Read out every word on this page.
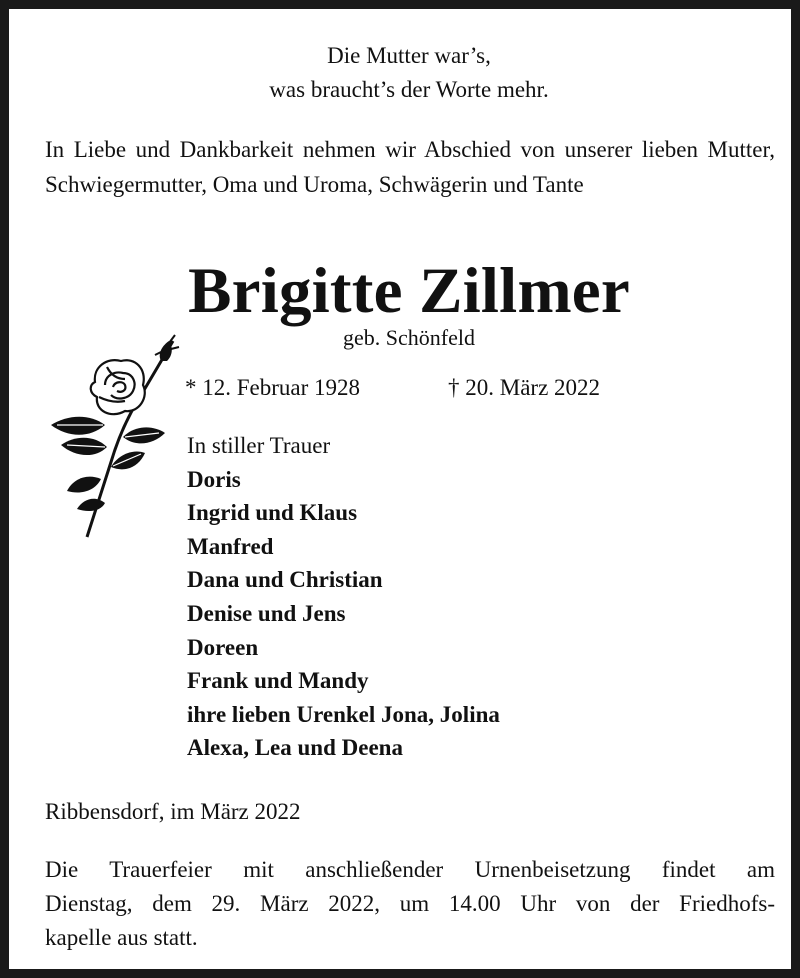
Die Mutter war’s,
was braucht’s der Worte mehr.
In Liebe und Dankbarkeit nehmen wir Abschied von unserer lieben Mutter, Schwiegermutter, Oma und Uroma, Schwägerin und Tante
Brigitte Zillmer
geb. Schönfeld
* 12. Februar 1928	† 20. März 2022
In stiller Trauer
Doris
Ingrid und Klaus
Manfred
Dana und Christian
Denise und Jens
Doreen
Frank und Mandy
ihre lieben Urenkel Jona, Jolina
Alexa, Lea und Deena
Ribbensdorf, im März 2022
Die Trauerfeier mit anschließender Urnenbeisetzung findet am
Dienstag, dem 29. März 2022, um 14.00 Uhr von der Friedhofs-
kapelle aus statt.
